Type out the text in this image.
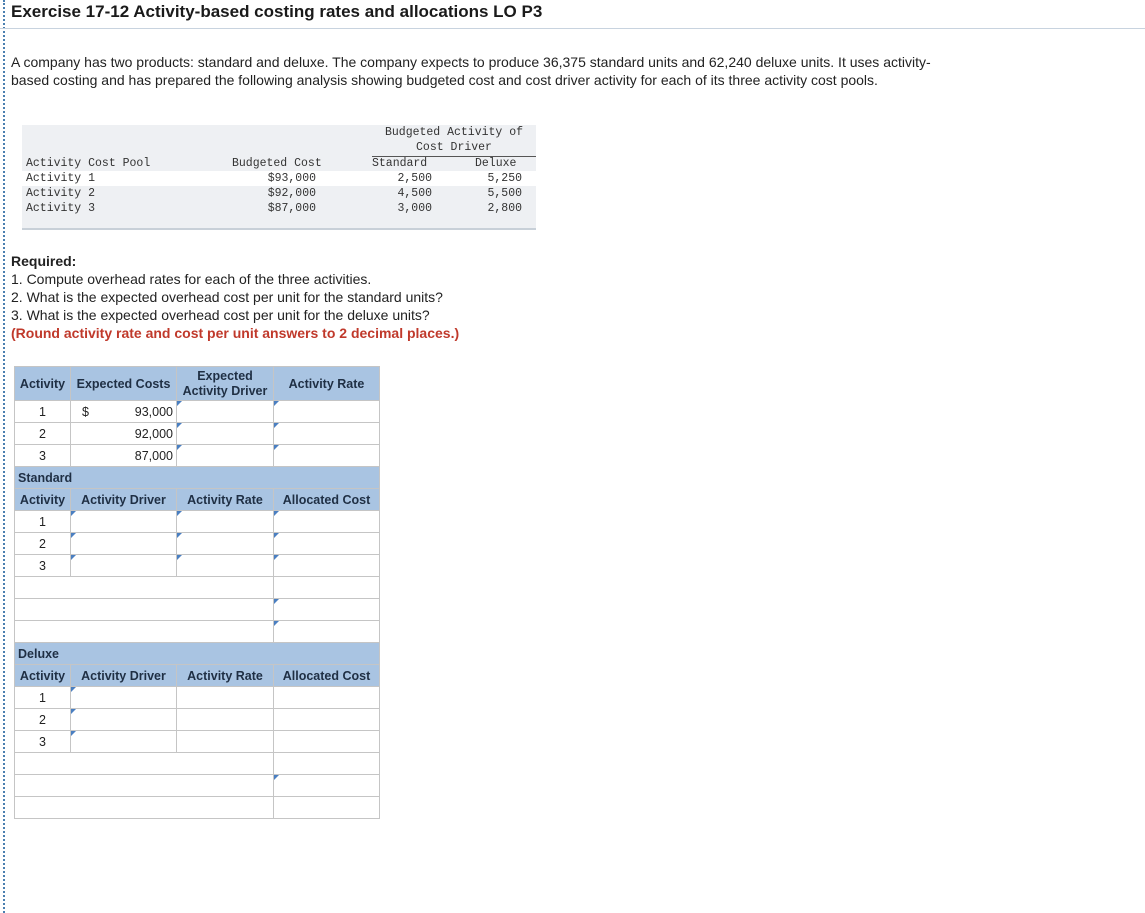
Exercise 17-12 Activity-based costing rates and allocations LO P3
A company has two products: standard and deluxe. The company expects to produce 36,375 standard units and 62,240 deluxe units. It uses activity-based costing and has prepared the following analysis showing budgeted cost and cost driver activity for each of its three activity cost pools.
Budgeted Activity of
Cost Driver
Activity Cost Pool	Budgeted Cost	Standard	Deluxe
Activity 1	$93,000	2,500	5,250
Activity 2	$92,000	4,500	5,500
Activity 3	$87,000	3,000	2,800
Required:
1. Compute overhead rates for each of the three activities.
2. What is the expected overhead cost per unit for the standard units?
3. What is the expected overhead cost per unit for the deluxe units?
(Round activity rate and cost per unit answers to 2 decimal places.)
Activity	Expected Costs	Expected Activity Driver	Activity Rate
1	$ 93,000		
2	92,000		
3	87,000		
Standard			
Activity	Activity Driver	Activity Rate	Allocated Cost
1			
2			
3			

Deluxe			
Activity	Activity Driver	Activity Rate	Allocated Cost
1			
2			
3			
